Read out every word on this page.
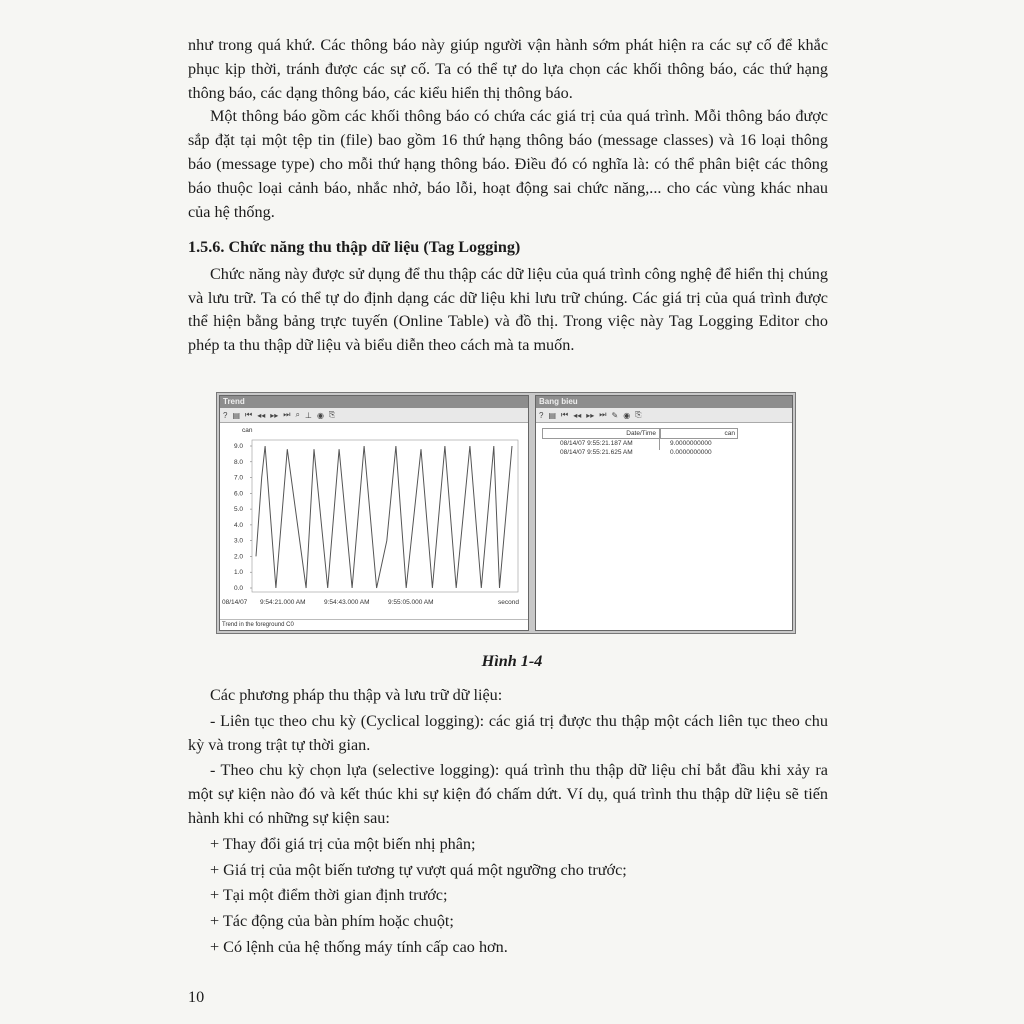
như trong quá khứ. Các thông báo này giúp người vận hành sớm phát hiện ra các sự cố để khắc phục kịp thời, tránh được các sự cố. Ta có thể tự do lựa chọn các khối thông báo, các thứ hạng thông báo, các dạng thông báo, các kiểu hiển thị thông báo.

Một thông báo gồm các khối thông báo có chứa các giá trị của quá trình. Mỗi thông báo được sắp đặt tại một tệp tin (file) bao gồm 16 thứ hạng thông báo (message classes) và 16 loại thông báo (message type) cho mỗi thứ hạng thông báo. Điều đó có nghĩa là: có thể phân biệt các thông báo thuộc loại cảnh báo, nhắc nhở, báo lỗi, hoạt động sai chức năng,... cho các vùng khác nhau của hệ thống.

1.5.6. Chức năng thu thập dữ liệu (Tag Logging)

Chức năng này được sử dụng để thu thập các dữ liệu của quá trình công nghệ để hiển thị chúng và lưu trữ. Ta có thể tự do định dạng các dữ liệu khi lưu trữ chúng. Các giá trị của quá trình được thể hiện bằng bảng trực tuyến (Online Table) và đồ thị. Trong việc này Tag Logging Editor cho phép ta thu thập dữ liệu và biểu diễn theo cách mà ta muốn.

Trend
? ▤ ⏮ ◂◂ ▸▸ ⏭ ⌕ ⊥ ◉ ⎘
can
9.0
8.0
7.0
6.0
5.0
4.0
3.0
2.0
1.0
0.0
08/14/07 9:54:21.000 AM	9:54:43.000 AM	9:55:05.000 AM	second
Trend in the foreground C0
Bang bieu
? ▤ ⏮ ◂◂ ▸▸ ⏭ ✎ ◉ ⎘
Date/Time	can
08/14/07 9:55:21.187 AM	9.0000000000
08/14/07 9:55:21.625 AM	0.0000000000
Hình 1-4

Các phương pháp thu thập và lưu trữ dữ liệu:

- Liên tục theo chu kỳ (Cyclical logging): các giá trị được thu thập một cách liên tục theo chu kỳ và trong trật tự thời gian.

- Theo chu kỳ chọn lựa (selective logging): quá trình thu thập dữ liệu chỉ bắt đầu khi xảy ra một sự kiện nào đó và kết thúc khi sự kiện đó chấm dứt. Ví dụ, quá trình thu thập dữ liệu sẽ tiến hành khi có những sự kiện sau:

+ Thay đổi giá trị của một biến nhị phân;

+ Giá trị của một biến tương tự vượt quá một ngưỡng cho trước;

+ Tại một điểm thời gian định trước;

+ Tác động của bàn phím hoặc chuột;

+ Có lệnh của hệ thống máy tính cấp cao hơn.

10
